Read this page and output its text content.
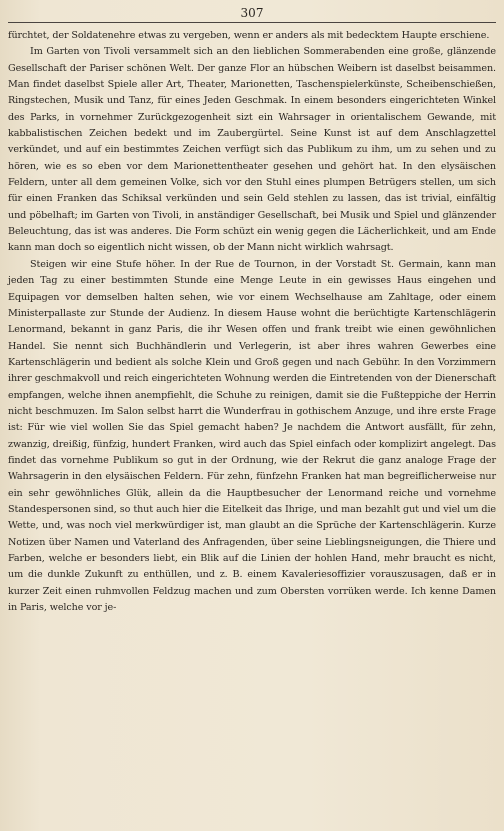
307

fürchtet, der Soldatenehre etwas zu vergeben, wenn er anders als mit bedecktem Haupte erschiene.

Im Garten von Tivoli versammelt sich an den lieblichen Sommerabenden eine große, glänzende Gesellschaft der Pariser schönen Welt. Der ganze Flor an hübschen Weibern ist daselbst beisammen. Man findet daselbst Spiele aller Art, Theater, Marionetten, Taschenspielerkünste, Scheibenschießen, Ringstechen, Musik und Tanz, für eines Jeden Geschmak. In einem besonders eingerichteten Winkel des Parks, in vornehmer Zurückgezogenheit sizt ein Wahrsager in orientalischem Gewande, mit kabbalistischen Zeichen bedekt und im Zaubergürtel. Seine Kunst ist auf dem Anschlagzettel verkündet, und auf ein bestimmtes Zeichen verfügt sich das Publikum zu ihm, um zu sehen und zu hören, wie es so eben vor dem Marionettentheater gesehen und gehört hat. In den elysäischen Feldern, unter all dem gemeinen Volke, sich vor den Stuhl eines plumpen Betrügers stellen, um sich für einen Franken das Schiksal verkünden und sein Geld stehlen zu lassen, das ist trivial, einfältig und pöbelhaft; im Garten von Tivoli, in anständiger Gesellschaft, bei Musik und Spiel und glänzender Beleuchtung, das ist was anderes. Die Form schüzt ein wenig gegen die Lächerlichkeit, und am Ende kann man doch so eigentlich nicht wissen, ob der Mann nicht wirklich wahrsagt.

Steigen wir eine Stufe höher. In der Rue de Tournon, in der Vorstadt St. Germain, kann man jeden Tag zu einer bestimmten Stunde eine Menge Leute in ein gewisses Haus eingehen und Equipagen vor demselben halten sehen, wie vor einem Wechselhause am Zahltage, oder einem Ministerpallaste zur Stunde der Audienz. In diesem Hause wohnt die berüchtigte Kartenschlägerin Lenormand, bekannt in ganz Paris, die ihr Wesen offen und frank treibt wie einen gewöhnlichen Handel. Sie nennt sich Buchhändlerin und Verlegerin, ist aber ihres wahren Gewerbes eine Kartenschlägerin und bedient als solche Klein und Groß gegen und nach Gebühr. In den Vorzimmern ihrer geschmakvoll und reich eingerichteten Wohnung werden die Eintretenden von der Dienerschaft empfangen, welche ihnen anempfiehlt, die Schuhe zu reinigen, damit sie die Fußteppiche der Herrin nicht beschmuzen. Im Salon selbst harrt die Wunderfrau in gothischem Anzuge, und ihre erste Frage ist: Für wie viel wollen Sie das Spiel gemacht haben? Je nachdem die Antwort ausfällt, für zehn, zwanzig, dreißig, fünfzig, hundert Franken, wird auch das Spiel einfach oder komplizirt angelegt. Das findet das vornehme Publikum so gut in der Ordnung, wie der Rekrut die ganz analoge Frage der Wahrsagerin in den elysäischen Feldern. Für zehn, fünfzehn Franken hat man begreiflicherweise nur ein sehr gewöhnliches Glük, allein da die Hauptbesucher der Lenormand reiche und vornehme Standespersonen sind, so thut auch hier die Eitelkeit das Ihrige, und man bezahlt gut und viel um die Wette, und, was noch viel merkwürdiger ist, man glaubt an die Sprüche der Kartenschlägerin. Kurze Notizen über Namen und Vaterland des Anfragenden, über seine Lieblingsneigungen, die Thiere und Farben, welche er besonders liebt, ein Blik auf die Linien der hohlen Hand, mehr braucht es nicht, um die dunkle Zukunft zu enthüllen, und z. B. einem Kavaleriesoffizier vorauszusagen, daß er in kurzer Zeit einen ruhmvollen Feldzug machen und zum Obersten vorrüken werde. Ich kenne Damen in Paris, welche vor je-
